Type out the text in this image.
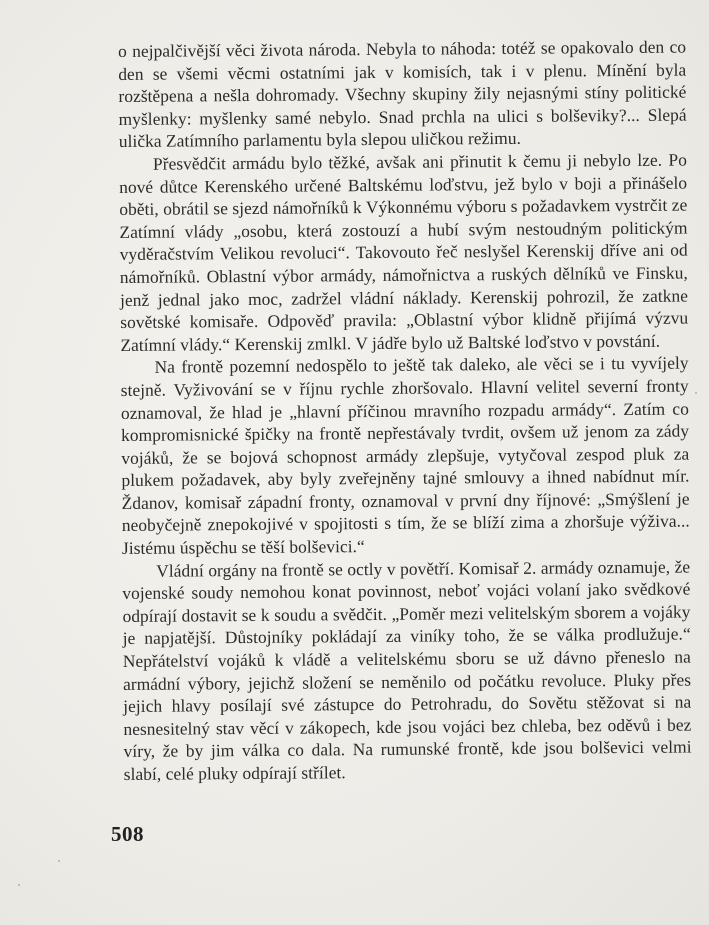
o nejpalčivější věci života národa. Nebyla to náhoda: totéž se opakovalo den co den se všemi věcmi ostatními jak v komisích, tak i v plenu. Mínění byla rozštěpena a nešla dohromady. Všechny skupiny žily nejasnými stíny politické myšlenky: myšlenky samé nebylo. Snad prchla na ulici s bolševiky?... Slepá ulička Zatímního parlamentu byla slepou uličkou režimu.

Přesvědčit armádu bylo těžké, avšak ani přinutit k čemu ji nebylo lze. Po nové důtce Kerenského určené Baltskému loďstvu, jež bylo v boji a přinášelo oběti, obrátil se sjezd námořníků k Výkonnému výboru s požadavkem vystrčit ze Zatímní vlády „osobu, která zostouzí a hubí svým nestoudným politickým vyděračstvím Velikou revoluci“. Takovouto řeč neslyšel Kerenskij dříve ani od námořníků. Oblastní výbor armády, námořnictva a ruských dělníků ve Finsku, jenž jednal jako moc, zadržel vládní náklady. Kerenskij pohrozil, že zatkne sovětské komisaře. Odpověď pravila: „Oblastní výbor klidně přijímá výzvu Zatímní vlády.“ Kerenskij zmlkl. V jádře bylo už Baltské loďstvo v povstání.

Na frontě pozemní nedospělo to ještě tak daleko, ale věci se i tu vyvíjely stejně. Vyživování se v říjnu rychle zhoršovalo. Hlavní velitel severní fronty oznamoval, že hlad je „hlavní příčinou mravního rozpadu armády“. Zatím co kompromisnické špičky na frontě nepřestávaly tvrdit, ovšem už jenom za zády vojáků, že se bojová schopnost armády zlepšuje, vytyčoval zespod pluk za plukem požadavek, aby byly zveřejněny tajné smlouvy a ihned nabídnut mír. Ždanov, komisař západní fronty, oznamoval v první dny říjnové: „Smýšlení je neobyčejně znepokojivé v spojitosti s tím, že se blíží zima a zhoršuje výživa... Jistému úspěchu se těší bolševici.“

Vládní orgány na frontě se octly v povětří. Komisař 2. armády oznamuje, že vojenské soudy nemohou konat povinnost, neboť vojáci volaní jako svědkové odpírají dostavit se k soudu a svědčit. „Poměr mezi velitelským sborem a vojáky je napjatější. Důstojníky pokládají za viníky toho, že se válka prodlužuje.“ Nepřátelství vojáků k vládě a velitelskému sboru se už dávno přeneslo na armádní výbory, jejichž složení se neměnilo od počátku revoluce. Pluky přes jejich hlavy posílají své zástupce do Petrohradu, do Sovětu stěžovat si na nesnesitelný stav věcí v zákopech, kde jsou vojáci bez chleba, bez oděvů i bez víry, že by jim válka co dala. Na rumunské frontě, kde jsou bolševici velmi slabí, celé pluky odpírají střílet.

508
